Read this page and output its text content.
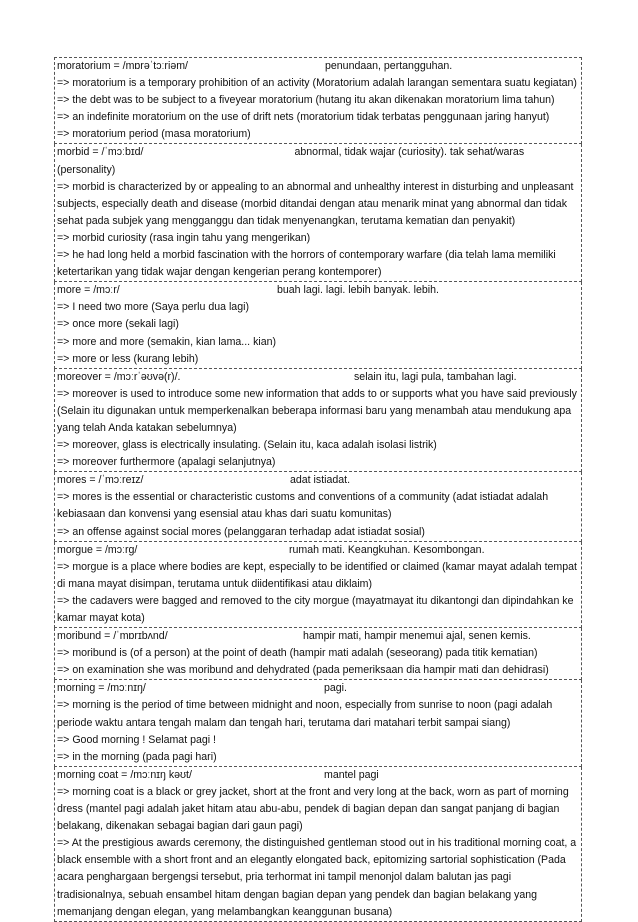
moratorium = /mɒrəˈtɔːriəm/	penundaan, pertangguhan.
=> moratorium is a temporary prohibition of an activity (Moratorium adalah larangan sementara suatu kegiatan)
=> the debt was to be subject to a fiveyear moratorium (hutang itu akan dikenakan moratorium lima tahun)
=> an indefinite moratorium on the use of drift nets (moratorium tidak terbatas penggunaan jaring hanyut)
=> moratorium period (masa moratorium)
morbid = /ˈmɔːbɪd/	abnormal, tidak wajar (curiosity). tak sehat/waras (personality)
=> morbid is characterized by or appealing to an abnormal and unhealthy interest in disturbing and unpleasant subjects, especially death and disease (morbid ditandai dengan atau menarik minat yang abnormal dan tidak sehat pada subjek yang mengganggu dan tidak menyenangkan, terutama kematian dan penyakit)
=> morbid curiosity (rasa ingin tahu yang mengerikan)
=> he had long held a morbid fascination with the horrors of contemporary warfare (dia telah lama memiliki ketertarikan yang tidak wajar dengan kengerian perang kontemporer)
more = /mɔːr/	buah lagi. lagi. lebih banyak. lebih.
=> I need two more (Saya perlu dua lagi)
=> once more (sekali lagi)
=> more and more (semakin, kian lama... kian)
=> more or less (kurang lebih)
moreover = /mɔːrˈəʊvə(r)/.	selain itu, lagi pula, tambahan lagi.
=> moreover is used to introduce some new information that adds to or supports what you have said previously (Selain itu digunakan untuk memperkenalkan beberapa informasi baru yang menambah atau mendukung apa yang telah Anda katakan sebelumnya)
=> moreover, glass is electrically insulating. (Selain itu, kaca adalah isolasi listrik)
=> moreover furthermore (apalagi selanjutnya)
mores = /ˈmɔːreɪz/	adat istiadat.
=> mores is the essential or characteristic customs and conventions of a community (adat istiadat adalah kebiasaan dan konvensi yang esensial atau khas dari suatu komunitas)
=> an offense against social mores (pelanggaran terhadap adat istiadat sosial)
morgue = /mɔːrg/	rumah mati. Keangkuhan. Kesombongan.
=> morgue is a place where bodies are kept, especially to be identified or claimed (kamar mayat adalah tempat di mana mayat disimpan, terutama untuk diidentifikasi atau diklaim)
=> the cadavers were bagged and removed to the city morgue (mayatmayat itu dikantongi dan dipindahkan ke kamar mayat kota)
moribund = /ˈmɒrɪbʌnd/	hampir mati, hampir menemui ajal, senen kemis.
=> moribund is (of a person) at the point of death (hampir mati adalah (seseorang) pada titik kematian)
=> on examination she was moribund and dehydrated (pada pemeriksaan dia hampir mati dan dehidrasi)
morning = /mɔːnɪŋ/	pagi.
=> morning is the period of time between midnight and noon, especially from sunrise to noon (pagi adalah periode waktu antara tengah malam dan tengah hari, terutama dari matahari terbit sampai siang)
=> Good morning ! Selamat pagi !
=> in the morning (pada pagi hari)
morning coat = /mɔːnɪŋ kəʊt/	mantel pagi
=> morning coat is a black or grey jacket, short at the front and very long at the back, worn as part of morning dress (mantel pagi adalah jaket hitam atau abu-abu, pendek di bagian depan dan sangat panjang di bagian belakang, dikenakan sebagai bagian dari gaun pagi)
=> At the prestigious awards ceremony, the distinguished gentleman stood out in his traditional morning coat, a black ensemble with a short front and an elegantly elongated back, epitomizing sartorial sophistication (Pada acara penghargaan bergengsi tersebut, pria terhormat ini tampil menonjol dalam balutan jas pagi tradisionalnya, sebuah ensambel hitam dengan bagian depan yang pendek dan bagian belakang yang memanjang dengan elegan, yang melambangkan keanggunan busana)
